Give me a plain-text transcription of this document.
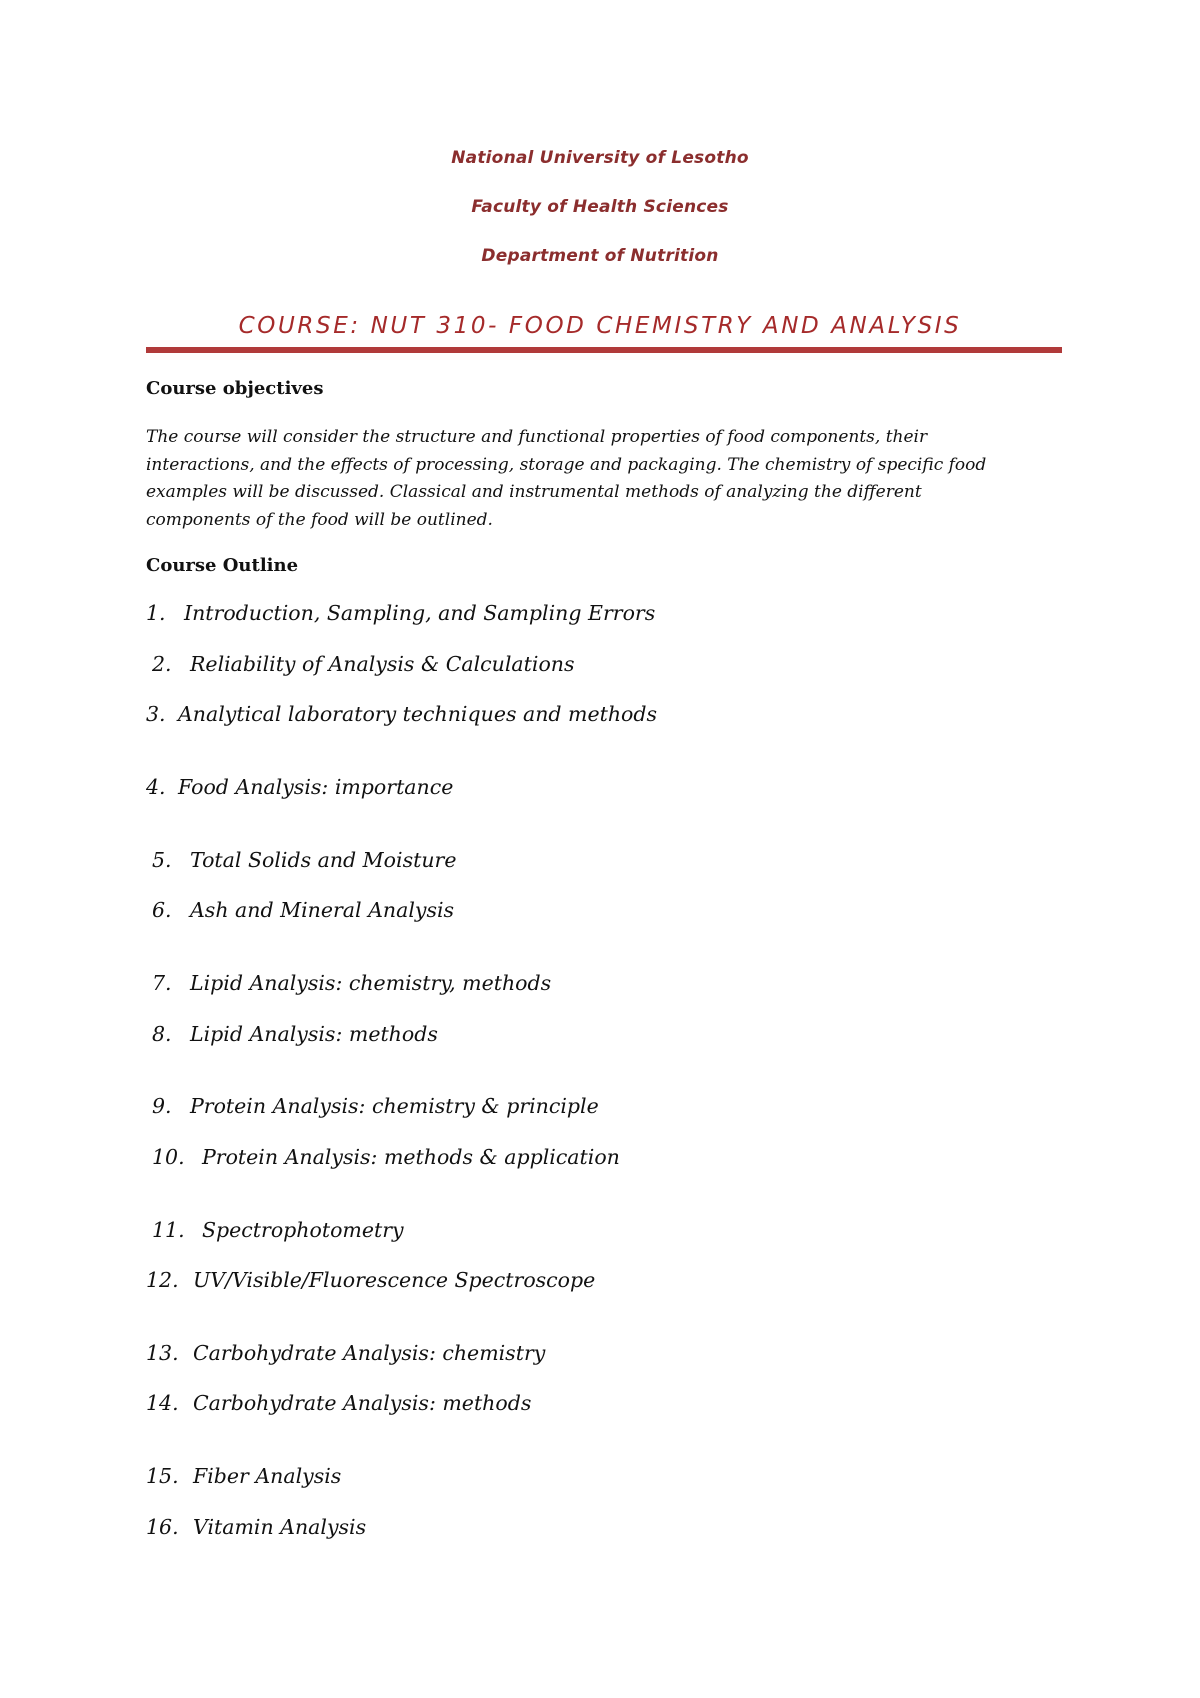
National University of Lesotho
Faculty of Health Sciences
Department of Nutrition
COURSE: NUT 310- FOOD CHEMISTRY AND ANALYSIS
Course objectives
The course will consider the structure and functional properties of food components, their
interactions, and the effects of processing, storage and packaging. The chemistry of specific food
examples will be discussed. Classical and instrumental methods of analyzing the different
components of the food will be outlined.
Course Outline
1. Introduction, Sampling, and Sampling Errors
2. Reliability of Analysis & Calculations
3. Analytical laboratory techniques and methods
4. Food Analysis: importance
5. Total Solids and Moisture
6. Ash and Mineral Analysis
7. Lipid Analysis: chemistry, methods
8. Lipid Analysis: methods
9. Protein Analysis: chemistry & principle
10. Protein Analysis: methods & application
11. Spectrophotometry
12. UV/Visible/Fluorescence Spectroscope
13. Carbohydrate Analysis: chemistry
14. Carbohydrate Analysis: methods
15. Fiber Analysis
16. Vitamin Analysis
